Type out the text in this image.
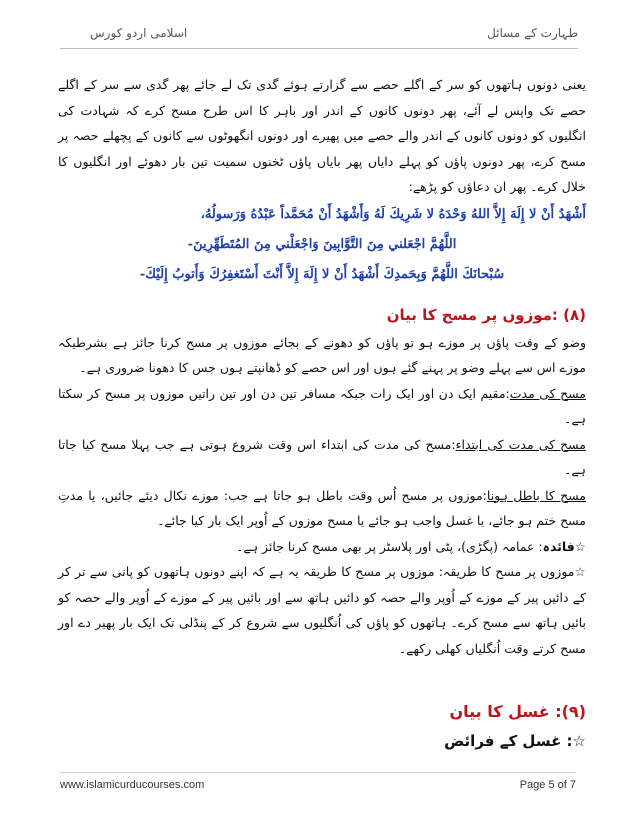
طہارت کے مسائل
اسلامی اردو کورس

یعنی دونوں ہاتھوں کو سر کے اگلے حصے سے گزارتے ہوئے گدی تک لے جائے پھر گدی سے سر کے اگلے حصے تک واپس لے آئے، پھر دونوں کانوں کے اندر اور باہر کا اس طرح مسح کرے کہ شہادت کی انگلیوں کو دونوں کانوں کے اندر والے حصے میں پھیرے اور دونوں انگھوٹوں سے کانوں کے پچھلے حصہ پر مسح کرے، پھر دونوں پاؤں کو پہلے دایاں پھر بایاں پاؤں ٹخنوں سمیت تین بار دھوئے اور انگلیوں کا خلال کرے۔ پھر ان دعاؤں کو پڑھے:

أَشْهَدُ أَنْ لا إِلَهَ إِلاَّ اللهُ وَحْدَهُ لا شَرِيكَ لَهُ وَأَشْهَدُ أَنْ مُحَمَّداً عَبْدُهُ وَرَسولُهُ،

اللَّهُمَّ اجْعَلني مِنَ التَّوَّابِينَ وَاجْعَلْني مِنَ المُتَطَهِّرِينَ-

سُبْحانَكَ اللَّهُمَّ وَبِحَمدِكَ أَشْهَدُ أَنْ لا إِلَهَ إِلاَّ أَنْتَ أَسْتَغفِرُكَ وَأَتوبُ إِلَيْكَ-

(۸) :موزوں پر مسح کا بیان

وضو کے وقت پاؤں پر موزے ہو تو پاؤں کو دھونے کے بجائے موزوں پر مسح کرنا جائز ہے بشرطیکہ موزے اس سے پہلے وضو پر پہنے گئے ہوں اور اس حصے کو ڈھانپتے ہوں جس کا دھونا ضروری ہے۔

مسح کی مدت:مقیم ایک دن اور ایک رات جبکہ مسافر تین دن اور تین راتیں موزوں پر مسح کر سکتا ہے۔

مسح کی مدت کی ابتداء:مسح کی مدت کی ابتداء اس وقت شروع ہوتی ہے جب پہلا مسح کیا جاتا ہے۔

مسح کا باطل ہونا:موزوں پر مسح اُس وقت باطل ہو جاتا ہے جب: موزے نکال دیئے جائیں، یا مدتِ مسح ختم ہو جائے، یا غسل واجب ہو جائے یا مسح موزوں کے اُوپر ایک بار کیا جائے۔

☆فائدہ: عمامہ (پگڑی)، پٹی اور پلاسٹر پر بھی مسح کرنا جائز ہے۔

☆موزوں پر مسح کا طریقہ: موزوں پر مسح کا طریقہ یہ ہے کہ اپنے دونوں ہاتھوں کو پانی سے تر کر کے دائیں پیر کے موزے کے اُوپر والے حصہ کو دائیں ہاتھ سے اور بائیں پیر کے موزے کے اُوپر والے حصہ کو بائیں ہاتھ سے مسح کرے۔ ہاتھوں کو پاؤں کی اُنگلیوں سے شروع کر کے پنڈلی تک ایک بار پھیر دے اور مسح کرتے وقت اُنگلیاں کھلی رکھے۔

(۹): غسل کا بیان

☆: غسل کے فرائض

www.islamicurducourses.com	Page 5 of 7
